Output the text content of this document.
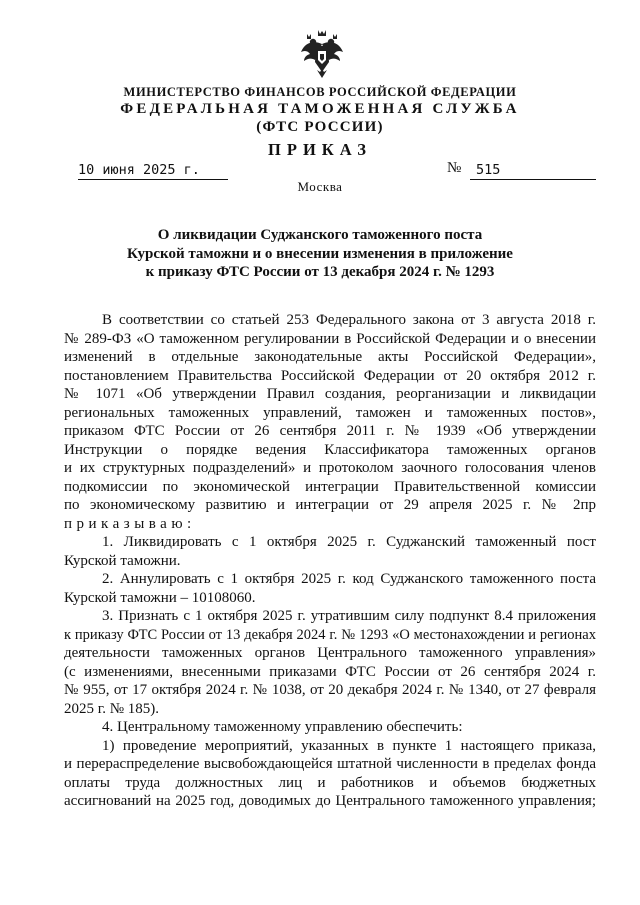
МИНИСТЕРСТВО ФИНАНСОВ РОССИЙСКОЙ ФЕДЕРАЦИИ
ФЕДЕРАЛЬНАЯ ТАМОЖЕННАЯ СЛУЖБА
(ФТС РОССИИ)
ПРИКАЗ
10 июня 2025 г.	№	515
Москва
О ликвидации Суджанского таможенного поста
Курской таможни и о внесении изменения в приложение
к приказу ФТС России от 13 декабря 2024 г. № 1293
В соответствии со статьей 253 Федерального закона от 3 августа 2018 г.
№ 289-ФЗ «О таможенном регулировании в Российской Федерации и о внесении
изменений в отдельные законодательные акты Российской Федерации»,
постановлением Правительства Российской Федерации от 20 октября 2012 г.
№ 1071 «Об утверждении Правил создания, реорганизации и ликвидации
региональных таможенных управлений, таможен и таможенных постов»,
приказом ФТС России от 26 сентября 2011 г. № 1939 «Об утверждении
Инструкции о порядке ведения Классификатора таможенных органов
и их структурных подразделений» и протоколом заочного голосования членов
подкомиссии по экономической интеграции Правительственной комиссии
по экономическому развитию и интеграции от 29 апреля 2025 г. № 2пр
приказываю:
1. Ликвидировать с 1 октября 2025 г. Суджанский таможенный пост
Курской таможни.
2. Аннулировать с 1 октября 2025 г. код Суджанского таможенного поста
Курской таможни – 10108060.
3. Признать с 1 октября 2025 г. утратившим силу подпункт 8.4 приложения
к приказу ФТС России от 13 декабря 2024 г. № 1293 «О местонахождении и регионах
деятельности таможенных органов Центрального таможенного управления»
(с изменениями, внесенными приказами ФТС России от 26 сентября 2024 г.
№ 955, от 17 октября 2024 г. № 1038, от 20 декабря 2024 г. № 1340, от 27 февраля
2025 г. № 185).
4. Центральному таможенному управлению обеспечить:
1) проведение мероприятий, указанных в пункте 1 настоящего приказа,
и перераспределение высвобождающейся штатной численности в пределах фонда
оплаты труда должностных лиц и работников и объемов бюджетных
ассигнований на 2025 год, доводимых до Центрального таможенного управления;
